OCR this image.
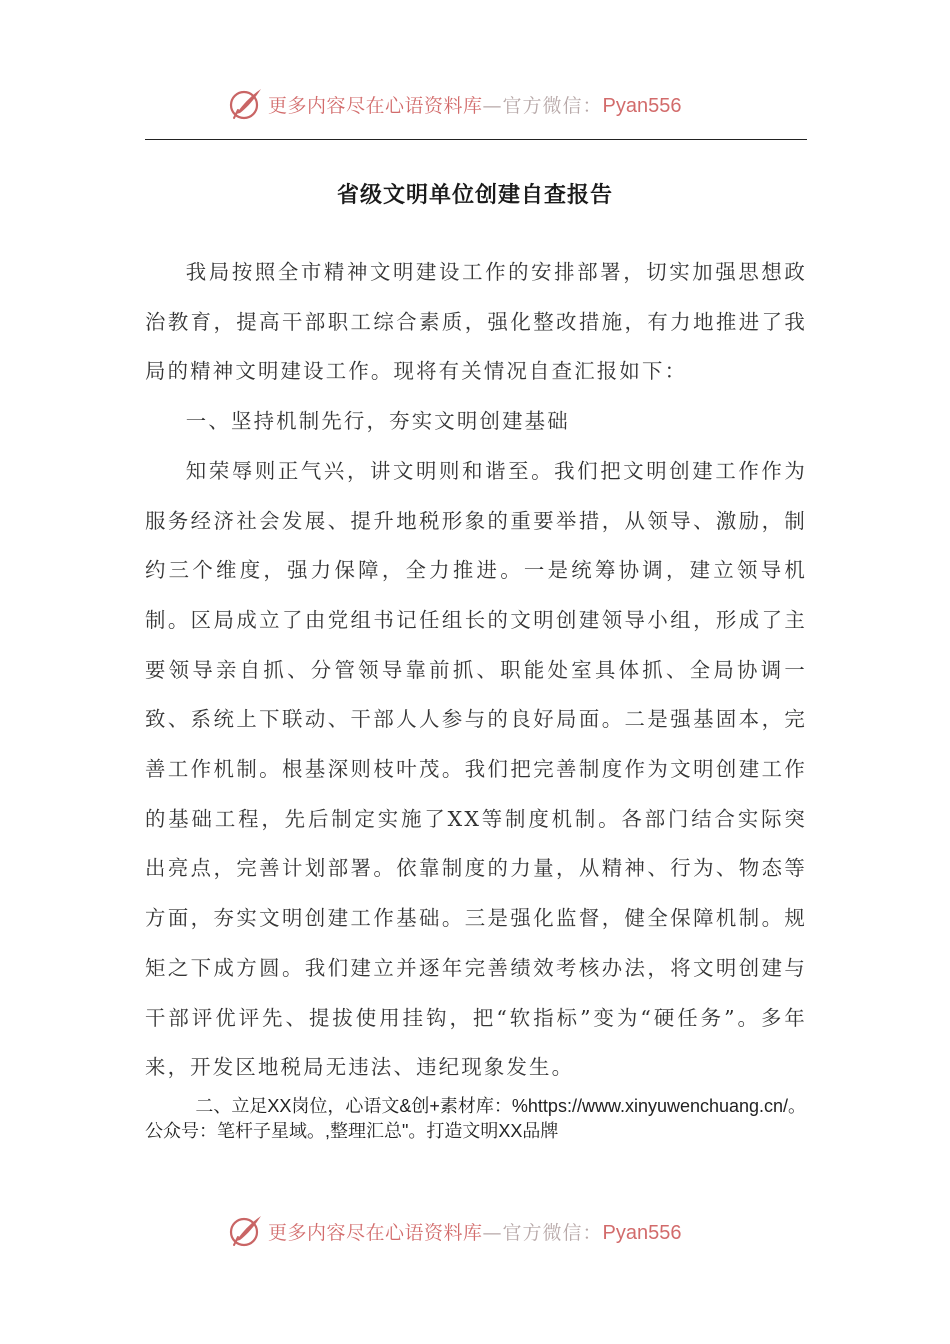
更多内容尽在心语资料库—官方微信：Pyan556
省级文明单位创建自查报告

我局按照全市精神文明建设工作的安排部署，切实加强思想政治教育，提高干部职工综合素质，强化整改措施，有力地推进了我局的精神文明建设工作。现将有关情况自查汇报如下：

一、坚持机制先行，夯实文明创建基础

知荣辱则正气兴，讲文明则和谐至。我们把文明创建工作作为服务经济社会发展、提升地税形象的重要举措，从领导、激励，制约三个维度，强力保障，全力推进。一是统筹协调，建立领导机制。区局成立了由党组书记任组长的文明创建领导小组，形成了主要领导亲自抓、分管领导靠前抓、职能处室具体抓、全局协调一致、系统上下联动、干部人人参与的良好局面。二是强基固本，完善工作机制。根基深则枝叶茂。我们把完善制度作为文明创建工作的基础工程，先后制定实施了XX等制度机制。各部门结合实际突出亮点，完善计划部署。依靠制度的力量，从精神、行为、物态等方面，夯实文明创建工作基础。三是强化监督，健全保障机制。规矩之下成方圆。我们建立并逐年完善绩效考核办法，将文明创建与干部评优评先、提拔使用挂钩，把“软指标”变为“硬任务”。多年来，开发区地税局无违法、违纪现象发生。

二、立足XX岗位，心语文&创+素材库：%https://www.xinyuwenchuang.cn/。公众号：笔杆子星域。,整理汇总"。打造文明XX品牌
更多内容尽在心语资料库—官方微信：Pyan556
